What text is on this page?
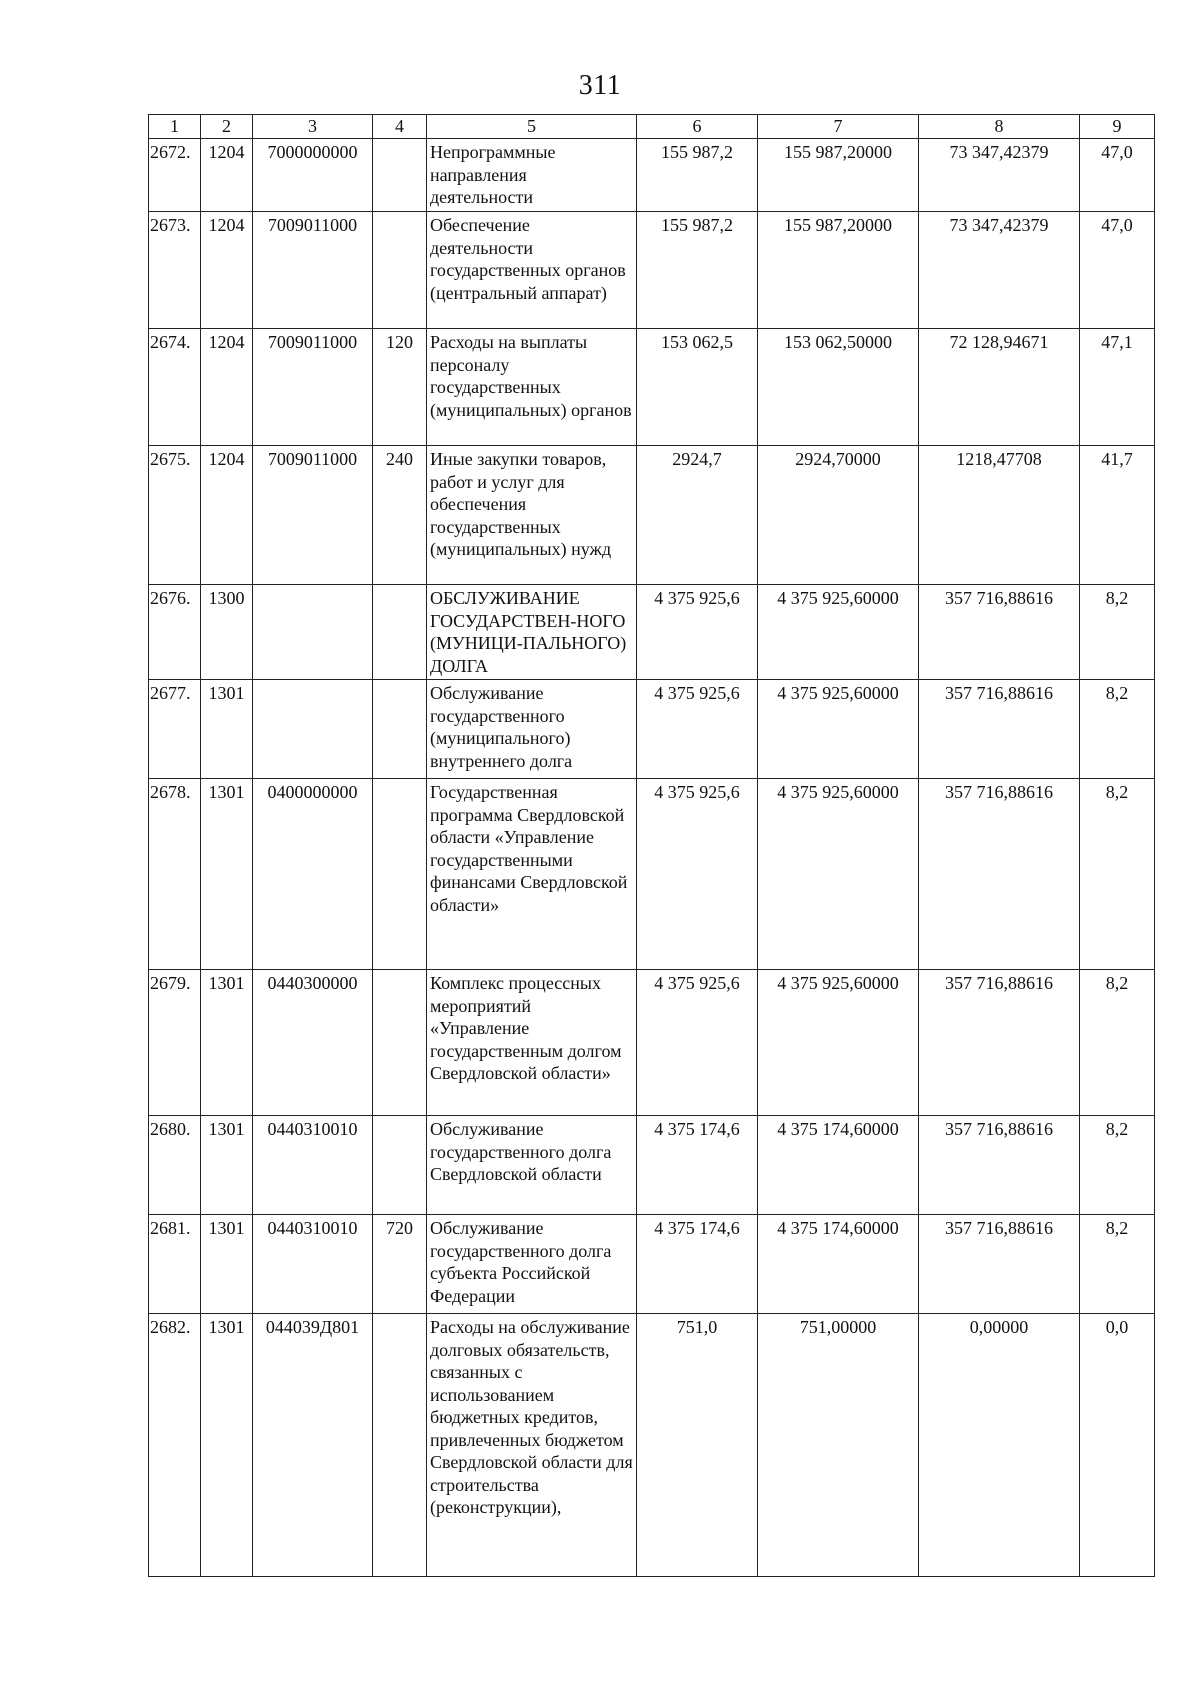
311
1	2	3	4	5	6	7	8	9
2672.	1204	7000000000		Непрограммные направления деятельности	155 987,2	155 987,20000	73 347,42379	47,0
2673.	1204	7009011000		Обеспечение деятельности государственных органов (центральный аппарат)	155 987,2	155 987,20000	73 347,42379	47,0
2674.	1204	7009011000	120	Расходы на выплаты персоналу государственных (муниципальных) органов	153 062,5	153 062,50000	72 128,94671	47,1
2675.	1204	7009011000	240	Иные закупки товаров, работ и услуг для обеспечения государственных (муниципальных) нужд	2924,7	2924,70000	1218,47708	41,7
2676.	1300			ОБСЛУЖИВАНИЕ ГОСУДАРСТВЕН-НОГО (МУНИЦИ-ПАЛЬНОГО) ДОЛГА	4 375 925,6	4 375 925,60000	357 716,88616	8,2
2677.	1301			Обслуживание государственного (муниципального) внутреннего долга	4 375 925,6	4 375 925,60000	357 716,88616	8,2
2678.	1301	0400000000		Государственная программа Свердловской области «Управление государственными финансами Свердловской области»	4 375 925,6	4 375 925,60000	357 716,88616	8,2
2679.	1301	0440300000		Комплекс процессных мероприятий «Управление государственным долгом Свердловской области»	4 375 925,6	4 375 925,60000	357 716,88616	8,2
2680.	1301	0440310010		Обслуживание государственного долга Свердловской области	4 375 174,6	4 375 174,60000	357 716,88616	8,2
2681.	1301	0440310010	720	Обслуживание государственного долга субъекта Российской Федерации	4 375 174,6	4 375 174,60000	357 716,88616	8,2
2682.	1301	044039Д801		Расходы на обслуживание долговых обязательств, связанных с использованием бюджетных кредитов, привлеченных бюджетом Свердловской области для строительства (реконструкции),	751,0	751,00000	0,00000	0,0
